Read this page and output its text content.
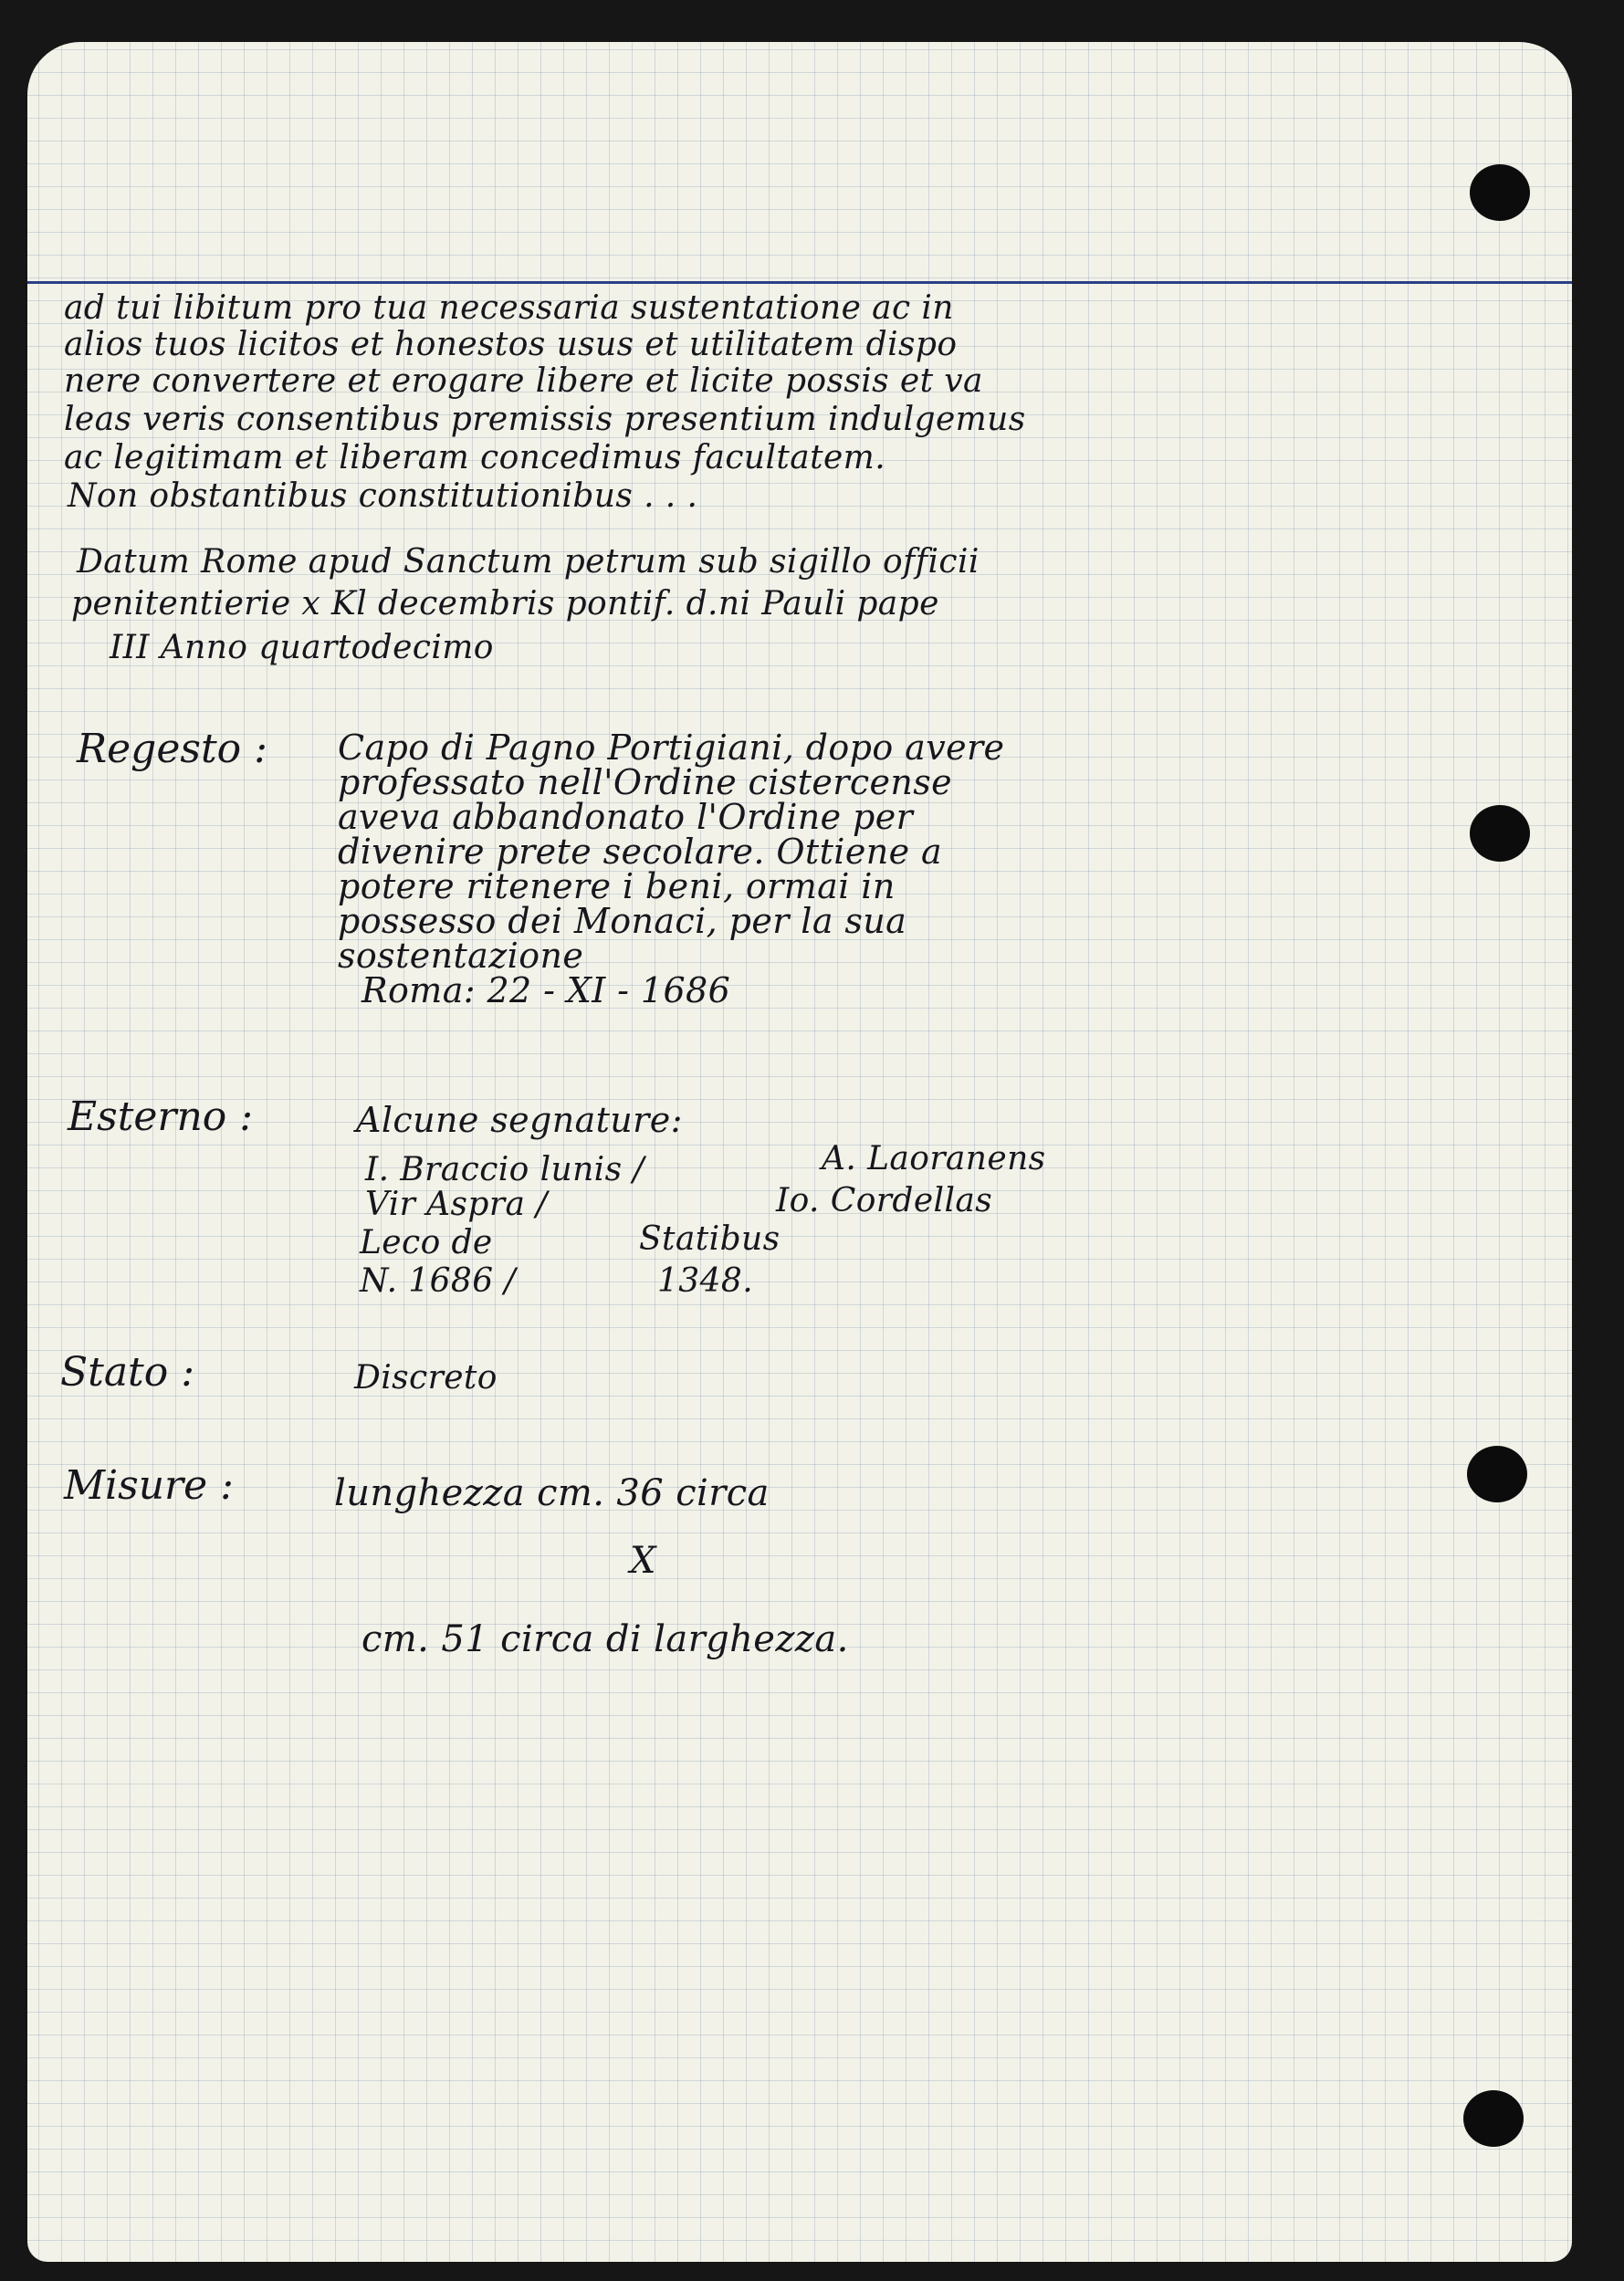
ad tui libitum pro tua necessaria sustentatione ac in

alios tuos licitos et honestos usus et utilitatem dispo

nere convertere et erogare libere et licite possis et va

leas veris consentibus premissis presentium indulgemus

ac legitimam et liberam concedimus facultatem.

Non obstantibus constitutionibus . . .

Datum Rome apud Sanctum petrum sub sigillo officii

penitentierie x Kl decembris pontif. d.ni Pauli pape

III Anno quartodecimo

Regesto : Capo di Pagno Portigiani, dopo avere

professato nell'Ordine cistercense

aveva abbandonato l'Ordine per

divenire prete secolare. Ottiene a

potere ritenere i beni, ormai in

possesso dei Monaci, per la sua

sostentazione

Roma: 22 - XI - 1686

Esterno :	Alcune segnature:

I. Braccio lunis /	A. Laoranens

Vir Aspra /	Io. Cordellas

Leco de	Statibus

N. 1686 /	1348.

Stato :	Discreto

Misure :	lunghezza cm. 36 circa

X

cm. 51 circa di larghezza.
